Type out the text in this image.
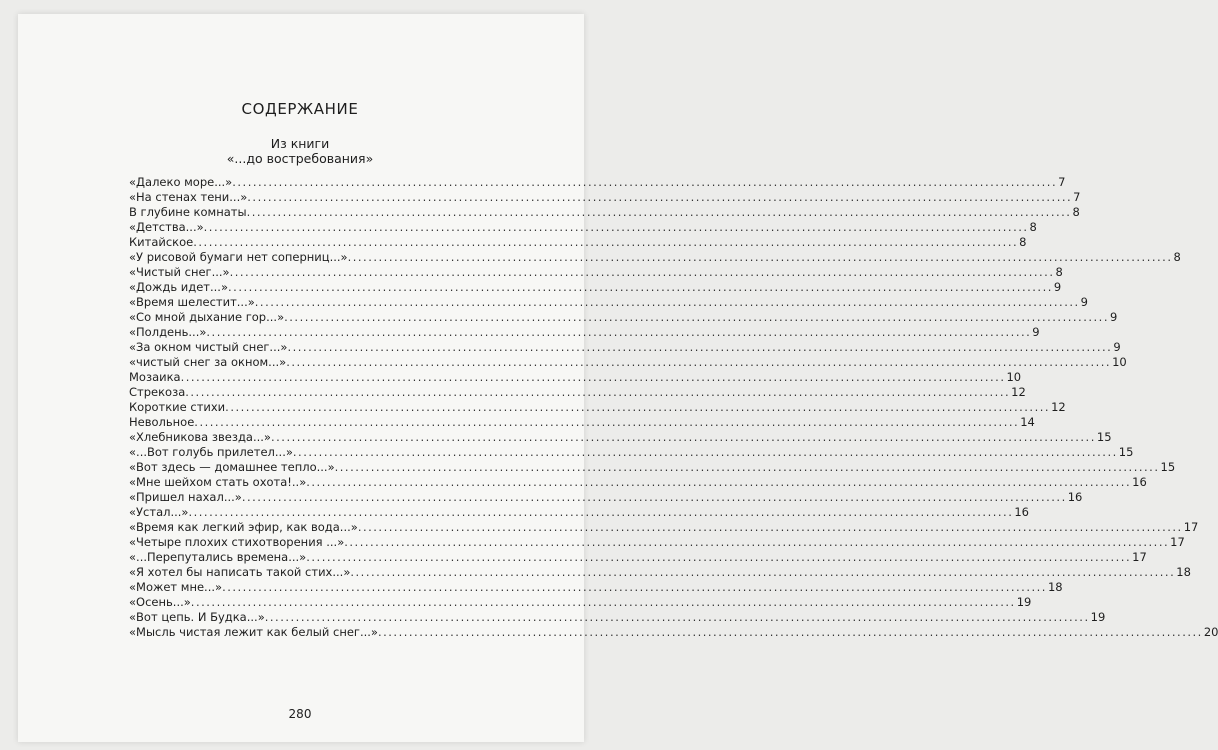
СОДЕРЖАНИЕ
Из книги
«...до востребования»
«Далеко море...» .....	7
«На стенах тени...» .....	7
В глубине комнаты .....	8
«Детства...» .....	8
Китайское .....	8
«У рисовой бумаги нет соперниц...» .....	8
«Чистый снег...» .....	8
«Дождь идет...» .....	9
«Время шелестит...» .....	9
«Со мной дыхание гор...» .....	9
«Полдень...» .....	9
«За окном чистый снег...» .....	9
«чистый снег за окном...» .....	10
Мозаика .....	10
Стрекоза .....	12
Короткие стихи .....	12
Невольное .....	14
«Хлебникова звезда...» .....	15
«...Вот голубь прилетел...» .....	15
«Вот здесь — домашнее тепло...» .....	15
«Мне шейхом стать охота!..» .....	16
«Пришел нахал...» .....	16
«Устал...» .....	16
«Время как легкий эфир, как вода...» .....	17
«Четыре плохих стихотворения ...» .....	17
«...Перепутались времена...» .....	17
«Я хотел бы написать такой стих...» .....	18
«Может мне...» .....	18
«Осень...» .....	19
«Вот цепь. И Будка...» .....	19
«Мысль чистая лежит как белый снег...» .....	20
280
